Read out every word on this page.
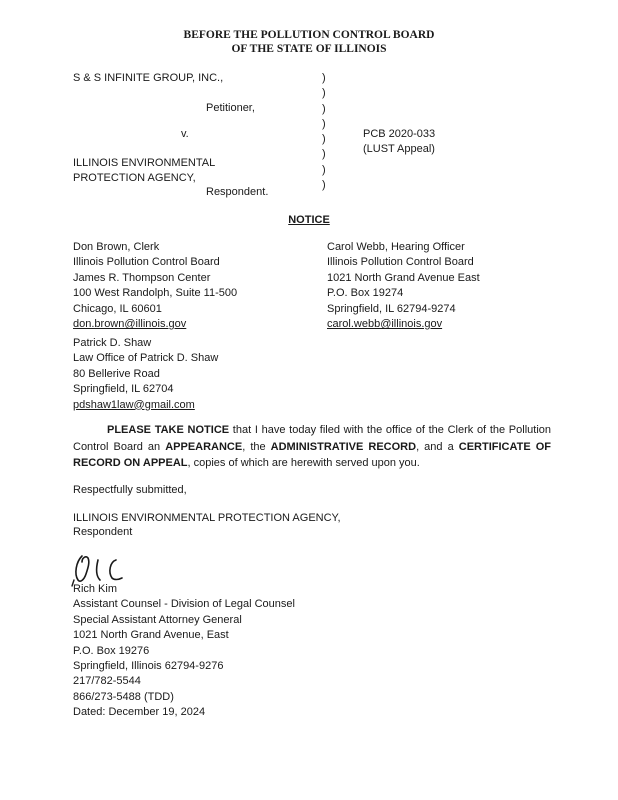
BEFORE THE POLLUTION CONTROL BOARD
OF THE STATE OF ILLINOIS
S & S INFINITE GROUP, INC.,
Petitioner,
v.
ILLINOIS ENVIRONMENTAL
PROTECTION AGENCY,
Respondent.
)
)
)
)
)
)
)
)
PCB 2020-033
(LUST Appeal)
NOTICE
Don Brown, Clerk
Illinois Pollution Control Board
James R. Thompson Center
100 West Randolph, Suite 11-500
Chicago, IL 60601
don.brown@illinois.gov
Carol Webb, Hearing Officer
Illinois Pollution Control Board
1021 North Grand Avenue East
P.O. Box 19274
Springfield, IL 62794-9274
carol.webb@illinois.gov
Patrick D. Shaw
Law Office of Patrick D. Shaw
80 Bellerive Road
Springfield, IL 62704
pdshaw1law@gmail.com
PLEASE TAKE NOTICE that I have today filed with the office of the Clerk of the Pollution Control Board an APPEARANCE, the ADMINISTRATIVE RECORD, and a CERTIFICATE OF RECORD ON APPEAL, copies of which are herewith served upon you.
Respectfully submitted,
ILLINOIS ENVIRONMENTAL PROTECTION AGENCY,
Respondent
Rich Kim
Assistant Counsel - Division of Legal Counsel
Special Assistant Attorney General
1021 North Grand Avenue, East
P.O. Box 19276
Springfield, Illinois 62794-9276
217/782-5544
866/273-5488 (TDD)
Dated: December 19, 2024
